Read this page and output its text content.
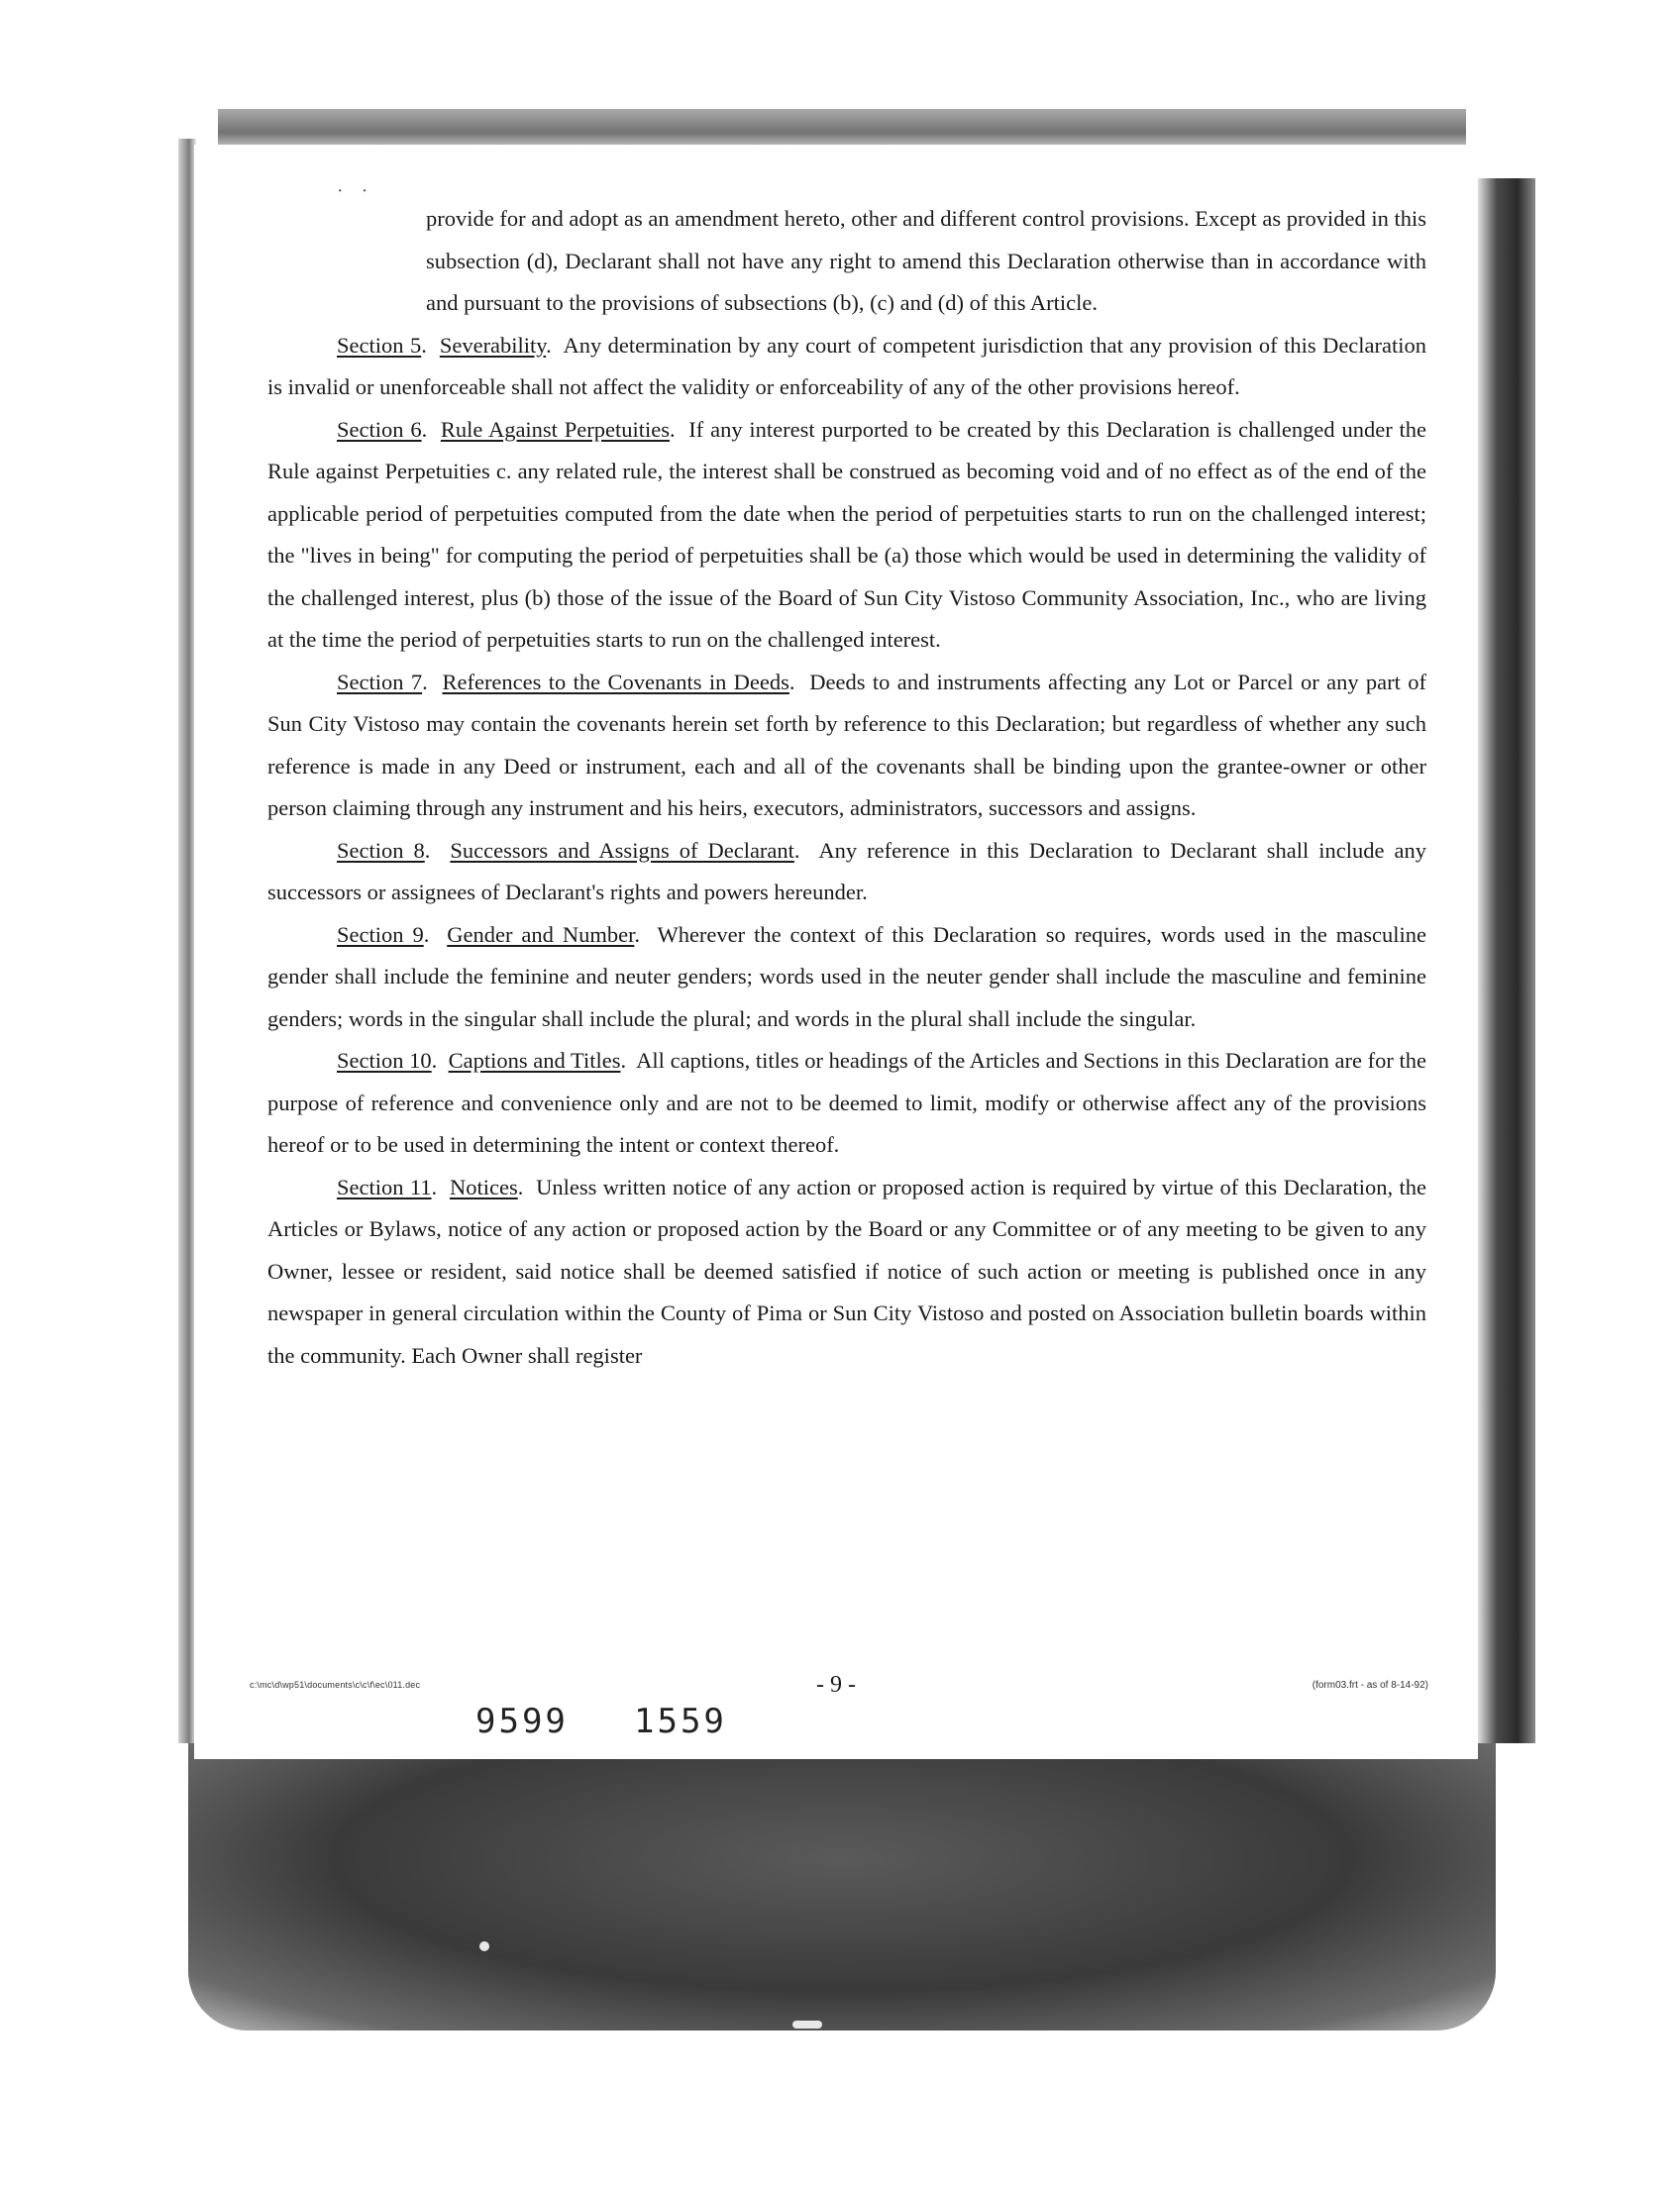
··

provide for and adopt as an amendment hereto, other and different control provisions. Except as provided in this subsection (d), Declarant shall not have any right to amend this Declaration otherwise than in accordance with and pursuant to the provisions of subsections (b), (c) and (d) of this Article.

Section 5.  Severability.  Any determination by any court of competent jurisdiction that any provision of this Declaration is invalid or unenforceable shall not affect the validity or enforceability of any of the other provisions hereof.

Section 6.  Rule Against Perpetuities.  If any interest purported to be created by this Declaration is challenged under the Rule against Perpetuities c. any related rule, the interest shall be construed as becoming void and of no effect as of the end of the applicable period of perpetuities computed from the date when the period of perpetuities starts to run on the challenged interest; the "lives in being" for computing the period of perpetuities shall be (a) those which would be used in determining the validity of the challenged interest, plus (b) those of the issue of the Board of Sun City Vistoso Community Association, Inc., who are living at the time the period of perpetuities starts to run on the challenged interest.

Section 7.  References to the Covenants in Deeds.  Deeds to and instruments affecting any Lot or Parcel or any part of Sun City Vistoso may contain the covenants herein set forth by reference to this Declaration; but regardless of whether any such reference is made in any Deed or instrument, each and all of the covenants shall be binding upon the grantee-owner or other person claiming through any instrument and his heirs, executors, administrators, successors and assigns.

Section 8.  Successors and Assigns of Declarant.  Any reference in this Declaration to Declarant shall include any successors or assignees of Declarant's rights and powers hereunder.

Section 9.  Gender and Number.  Wherever the context of this Declaration so requires, words used in the masculine gender shall include the feminine and neuter genders; words used in the neuter gender shall include the masculine and feminine genders; words in the singular shall include the plural; and words in the plural shall include the singular.

Section 10.  Captions and Titles.  All captions, titles or headings of the Articles and Sections in this Declaration are for the purpose of reference and convenience only and are not to be deemed to limit, modify or otherwise affect any of the provisions hereof or to be used in determining the intent or context thereof.

Section 11.  Notices.  Unless written notice of any action or proposed action is required by virtue of this Declaration, the Articles or Bylaws, notice of any action or proposed action by the Board or any Committee or of any meeting to be given to any Owner, lessee or resident, said notice shall be deemed satisfied if notice of such action or meeting is published once in any newspaper in general circulation within the County of Pima or Sun City Vistoso and posted on Association bulletin boards within the community. Each Owner shall register

c:\mc\d\wp51\documents\c\c\f\ec\011.dec	- 9 -	(form03.frt - as of 8-14-92)
9599 1559
